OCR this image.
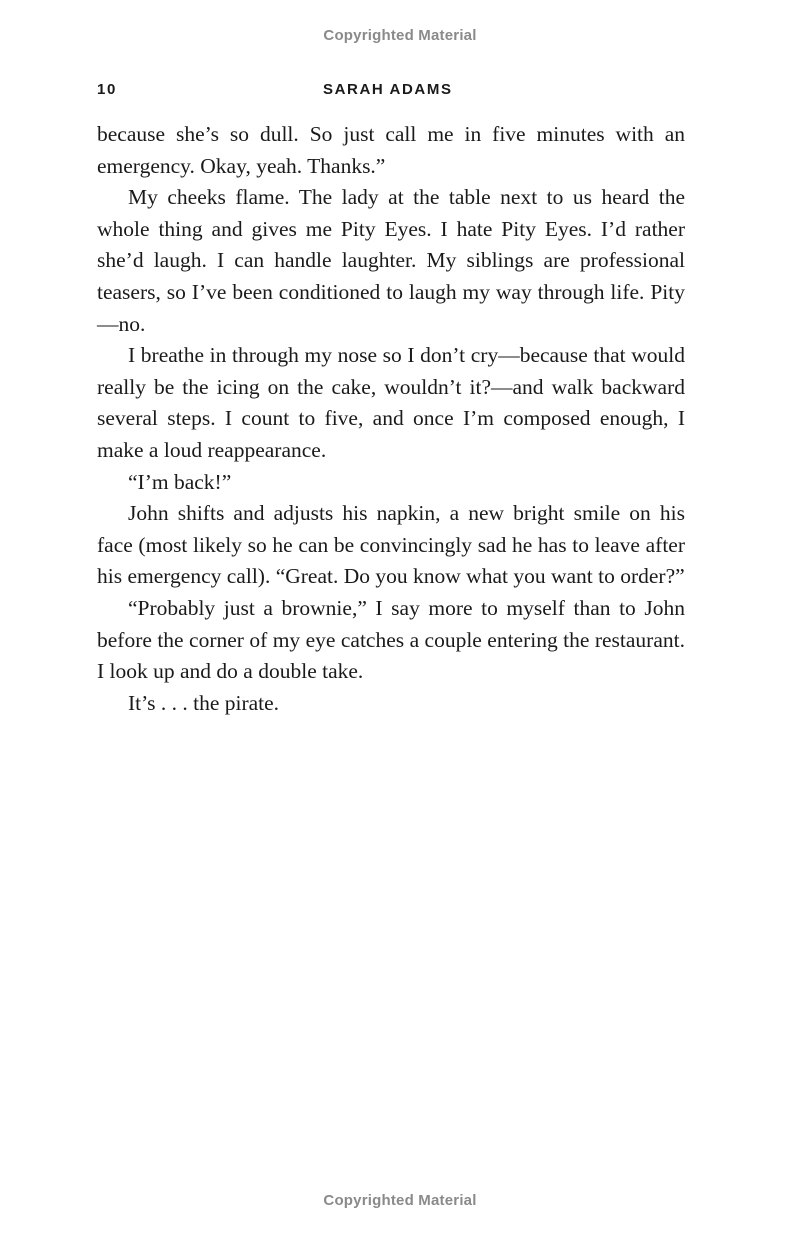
Copyrighted Material
10	SARAH ADAMS

because she’s so dull. So just call me in five minutes with an emergency. Okay, yeah. Thanks.”

My cheeks flame. The lady at the table next to us heard the whole thing and gives me Pity Eyes. I hate Pity Eyes. I’d rather she’d laugh. I can handle laughter. My siblings are professional teasers, so I’ve been conditioned to laugh my way through life. Pity—no.

I breathe in through my nose so I don’t cry—because that would really be the icing on the cake, wouldn’t it?—and walk backward several steps. I count to five, and once I’m composed enough, I make a loud reappearance.

“I’m back!”

John shifts and adjusts his napkin, a new bright smile on his face (most likely so he can be convincingly sad he has to leave after his emergency call). “Great. Do you know what you want to order?”

“Probably just a brownie,” I say more to myself than to John before the corner of my eye catches a couple entering the restaurant. I look up and do a double take.

It’s . . . the pirate.

Copyrighted Material
